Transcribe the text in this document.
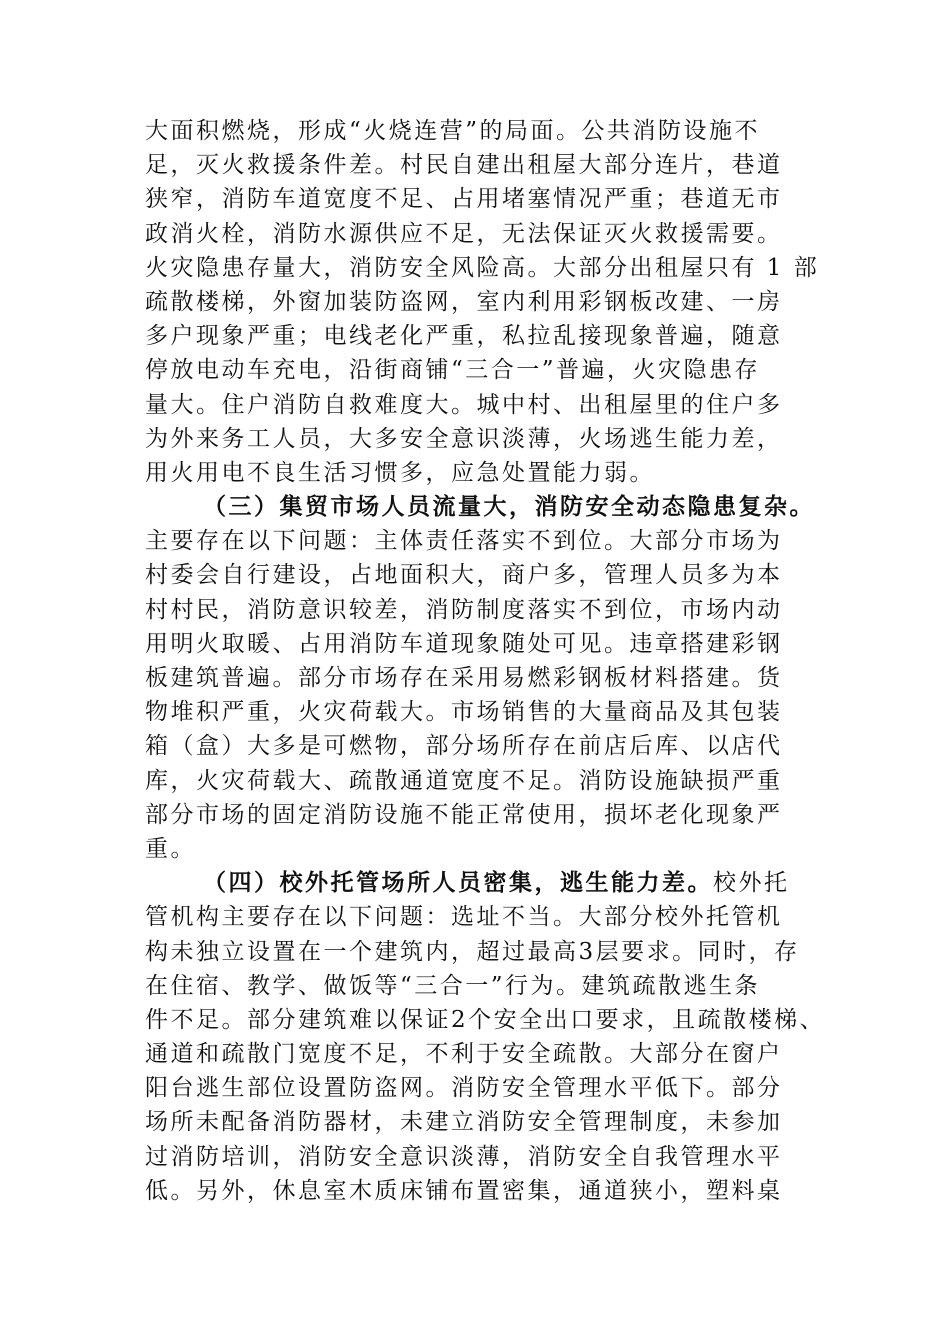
大面积燃烧，形成“火烧连营”的局面。公共消防设施不
足，灭火救援条件差。村民自建出租屋大部分连片，巷道
狭窄，消防车道宽度不足、占用堵塞情况严重；巷道无市
政消火栓，消防水源供应不足，无法保证灭火救援需要。
火灾隐患存量大，消防安全风险高。大部分出租屋只有 1 部
疏散楼梯，外窗加装防盗网，室内利用彩钢板改建、一房
多户现象严重；电线老化严重，私拉乱接现象普遍，随意
停放电动车充电，沿街商铺“三合一”普遍，火灾隐患存
量大。住户消防自救难度大。城中村、出租屋里的住户多
为外来务工人员，大多安全意识淡薄，火场逃生能力差，
用火用电不良生活习惯多，应急处置能力弱。
（三）集贸市场人员流量大，消防安全动态隐患复杂。
主要存在以下问题：主体责任落实不到位。大部分市场为
村委会自行建设，占地面积大，商户多，管理人员多为本
村村民，消防意识较差，消防制度落实不到位，市场内动
用明火取暖、占用消防车道现象随处可见。违章搭建彩钢
板建筑普遍。部分市场存在采用易燃彩钢板材料搭建。货
物堆积严重，火灾荷载大。市场销售的大量商品及其包装
箱（盒）大多是可燃物，部分场所存在前店后库、以店代
库，火灾荷载大、疏散通道宽度不足。消防设施缺损严重
部分市场的固定消防设施不能正常使用，损坏老化现象严
重。
（四）校外托管场所人员密集，逃生能力差。校外托
管机构主要存在以下问题：选址不当。大部分校外托管机
构未独立设置在一个建筑内，超过最高3层要求。同时，存
在住宿、教学、做饭等“三合一”行为。建筑疏散逃生条
件不足。部分建筑难以保证2个安全出口要求，且疏散楼梯、
通道和疏散门宽度不足，不利于安全疏散。大部分在窗户
阳台逃生部位设置防盗网。消防安全管理水平低下。部分
场所未配备消防器材，未建立消防安全管理制度，未参加
过消防培训，消防安全意识淡薄，消防安全自我管理水平
低。另外，休息室木质床铺布置密集，通道狭小，塑料桌
